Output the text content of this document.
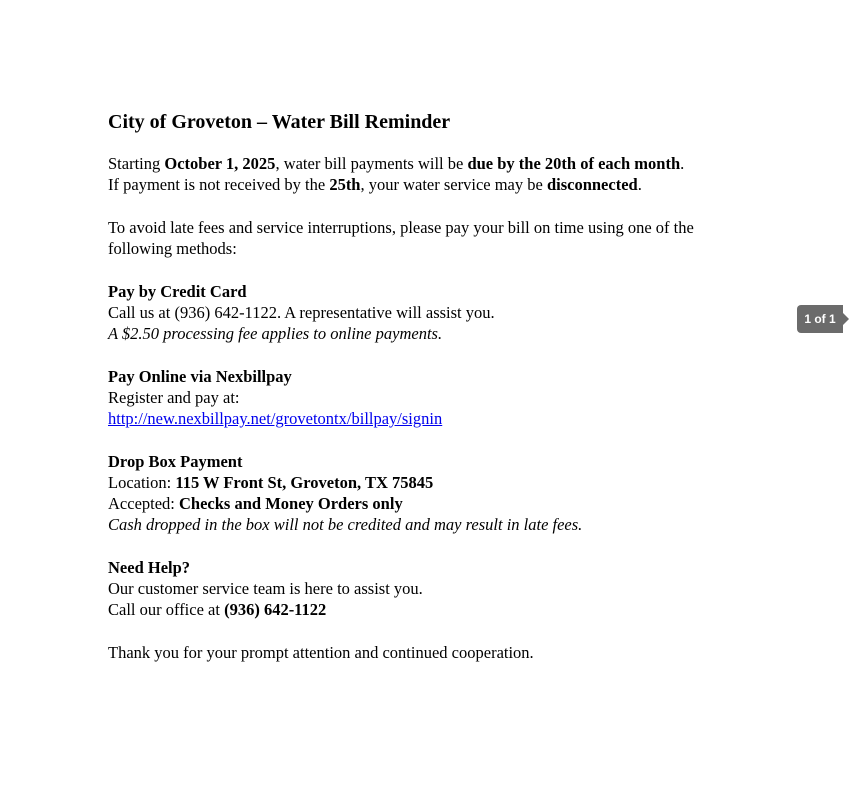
City of Groveton – Water Bill Reminder

Starting October 1, 2025, water bill payments will be due by the 20th of each month.
If payment is not received by the 25th, your water service may be disconnected.

To avoid late fees and service interruptions, please pay your bill on time using one of the
following methods:

Pay by Credit Card
Call us at (936) 642-1122. A representative will assist you.
A $2.50 processing fee applies to online payments.
Pay Online via Nexbillpay
Register and pay at:
http://new.nexbillpay.net/grovetontx/billpay/signin
Drop Box Payment
Location: 115 W Front St, Groveton, TX 75845
Accepted: Checks and Money Orders only
Cash dropped in the box will not be credited and may result in late fees.
Need Help?
Our customer service team is here to assist you.
Call our office at (936) 642-1122

Thank you for your prompt attention and continued cooperation.

1 of 1
